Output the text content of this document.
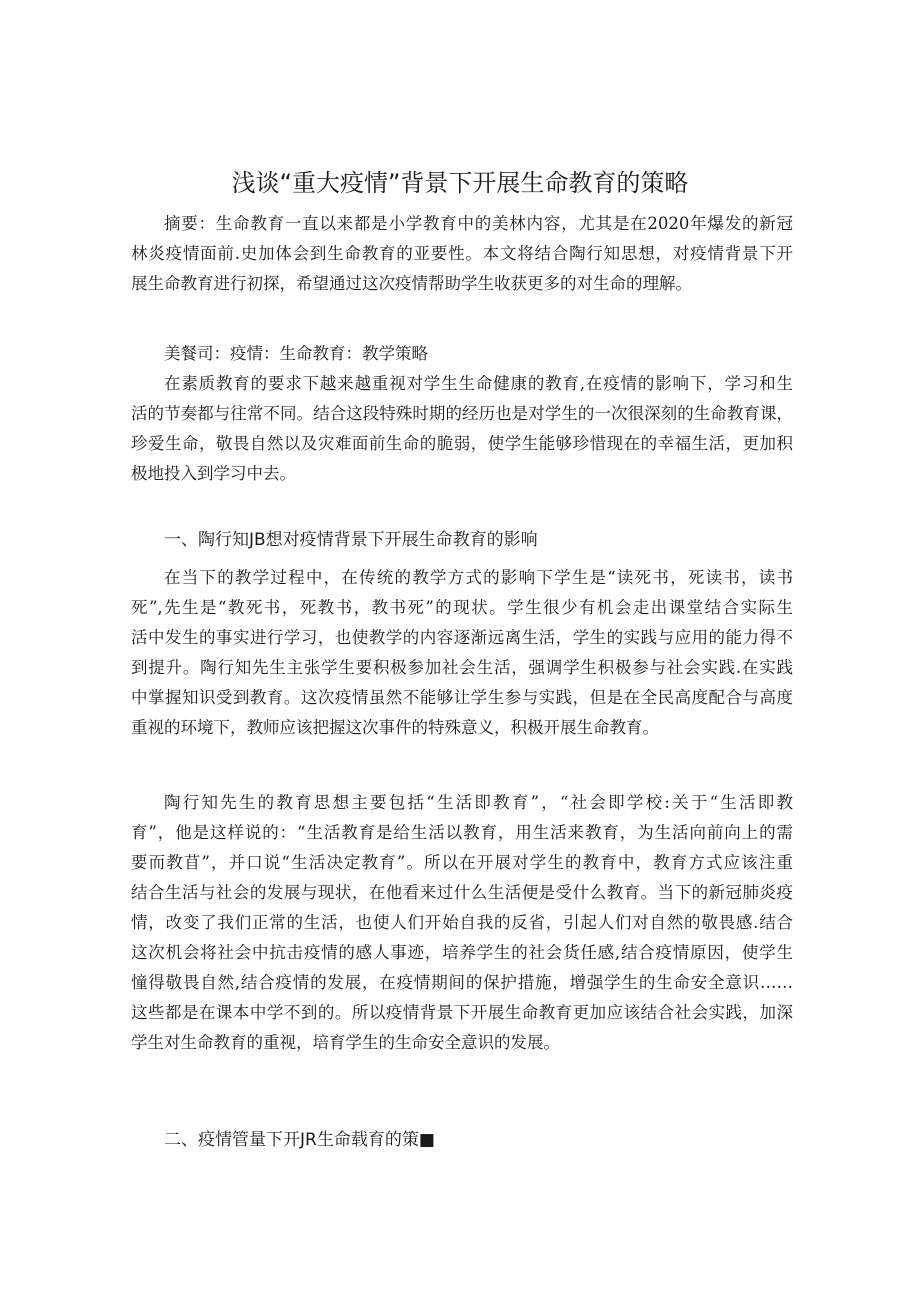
浅谈“重大疫情”背景下开展生命教育的策略
摘要：生命教育一直以来都是小学教育中的美林内容，尤其是在2020年爆发的新冠
林炎疫情面前.史加体会到生命教育的亚要性。本文将结合陶行知思想，对疫情背景下开
展生命教育进行初探，希望通过这次疫情帮助学生收获更多的对生命的理解。
美餐司：疫情：生命教育：教学策略
在素质教育的要求下越来越重视对学生生命健康的教育,在疫情的影响下，学习和生
活的节奏都与往常不同。结合这段特殊时期的经历也是对学生的一次很深刻的生命教育课，
珍爱生命，敬畏自然以及灾难面前生命的脆弱，使学生能够珍惜现在的幸福生活，更加积
极地投入到学习中去。
一、陶行知JB想对疫情背景下开展生命教育的影响
在当下的教学过程中，在传统的教学方式的影响下学生是“读死书，死读书，读书
死”,先生是“教死书，死教书，教书死”的现状。学生很少有机会走出课堂结合实际生
活中发生的事实进行学习，也使教学的内容逐渐远离生活，学生的实践与应用的能力得不
到提升。陶行知先生主张学生要积极参加社会生活，强调学生积极参与社会实践.在实践
中掌握知识受到教育。这次疫情虽然不能够让学生参与实践，但是在全民高度配合与高度
重视的环境下，教师应该把握这次事件的特殊意义，积极开展生命教育。
陶行知先生的教育思想主要包括“生活即教育”，“社会即学校:关于“生活即教
育”，他是这样说的：“生活教育是给生活以教育，用生活来教育，为生活向前向上的需
要而教苜”，并口说“生活决定教育”。所以在开展对学生的教育中，教育方式应该注重
结合生活与社会的发展与现状，在他看来过什么生活便是受什么教育。当下的新冠肺炎疫
情，改变了我们正常的生活，也使人们开始自我的反省，引起人们对自然的敬畏感.结合
这次机会将社会中抗击疫情的感人事迹，培养学生的社会货任感,结合疫情原因，使学生
憧得敬畏自然,结合疫情的发展，在疫情期间的保护措施，增强学生的生命安全意识……
这些都是在课本中学不到的。所以疫情背景下开展生命教育更加应该结合社会实践，加深
学生对生命教育的重视，培育学生的生命安全意识的发展。
二、疫情管量下开JR生命载育的策■
